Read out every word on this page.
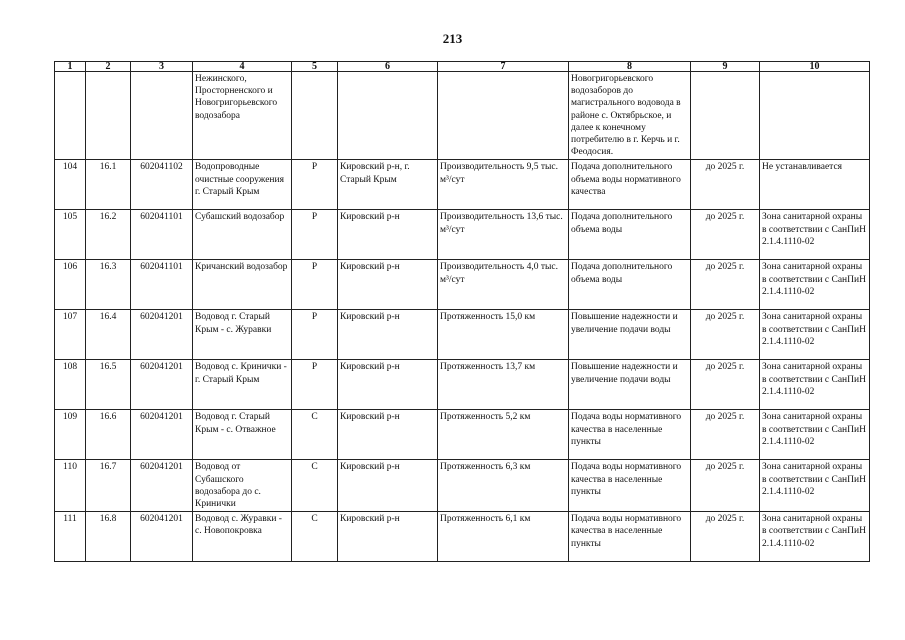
213
1	2	3	4	5	6	7	8	9	10
			Нежинского, Просторненского и Новогригорьевского водозабора				Новогригорьевского водозаборов до магистрального водовода в районе с. Октябрьское, и далее к конечному потребителю в г. Керчь и г. Феодосия.		
104	16.1	602041102	Водопроводные очистные сооружения г. Старый Крым	Р	Кировский р-н, г. Старый Крым	Производительность 9,5 тыс. м³/сут	Подача дополнительного объема воды нормативного качества	до 2025 г.	Не устанавливается
105	16.2	602041101	Субашский водозабор	Р	Кировский р-н	Производительность 13,6 тыс. м³/сут	Подача дополнительного объема воды	до 2025 г.	Зона санитарной охраны в соответствии с СанПиН 2.1.4.1110-02
106	16.3	602041101	Кричанский водозабор	Р	Кировский р-н	Производительность 4,0 тыс. м³/сут	Подача дополнительного объема воды	до 2025 г.	Зона санитарной охраны в соответствии с СанПиН 2.1.4.1110-02
107	16.4	602041201	Водовод г. Старый Крым - с. Журавки	Р	Кировский р-н	Протяженность 15,0 км	Повышение надежности и увеличение подачи воды	до 2025 г.	Зона санитарной охраны в соответствии с СанПиН 2.1.4.1110-02
108	16.5	602041201	Водовод с. Кринички - г. Старый Крым	Р	Кировский р-н	Протяженность 13,7 км	Повышение надежности и увеличение подачи воды	до 2025 г.	Зона санитарной охраны в соответствии с СанПиН 2.1.4.1110-02
109	16.6	602041201	Водовод г. Старый Крым - с. Отважное	С	Кировский р-н	Протяженность 5,2 км	Подача воды нормативного качества в населенные пункты	до 2025 г.	Зона санитарной охраны в соответствии с СанПиН 2.1.4.1110-02
110	16.7	602041201	Водовод от Субашского водозабора до с. Кринички	С	Кировский р-н	Протяженность 6,3 км	Подача воды нормативного качества в населенные пункты	до 2025 г.	Зона санитарной охраны в соответствии с СанПиН 2.1.4.1110-02
111	16.8	602041201	Водовод с. Журавки - с. Новопокровка	С	Кировский р-н	Протяженность 6,1 км	Подача воды нормативного качества в населенные пункты	до 2025 г.	Зона санитарной охраны в соответствии с СанПиН 2.1.4.1110-02
